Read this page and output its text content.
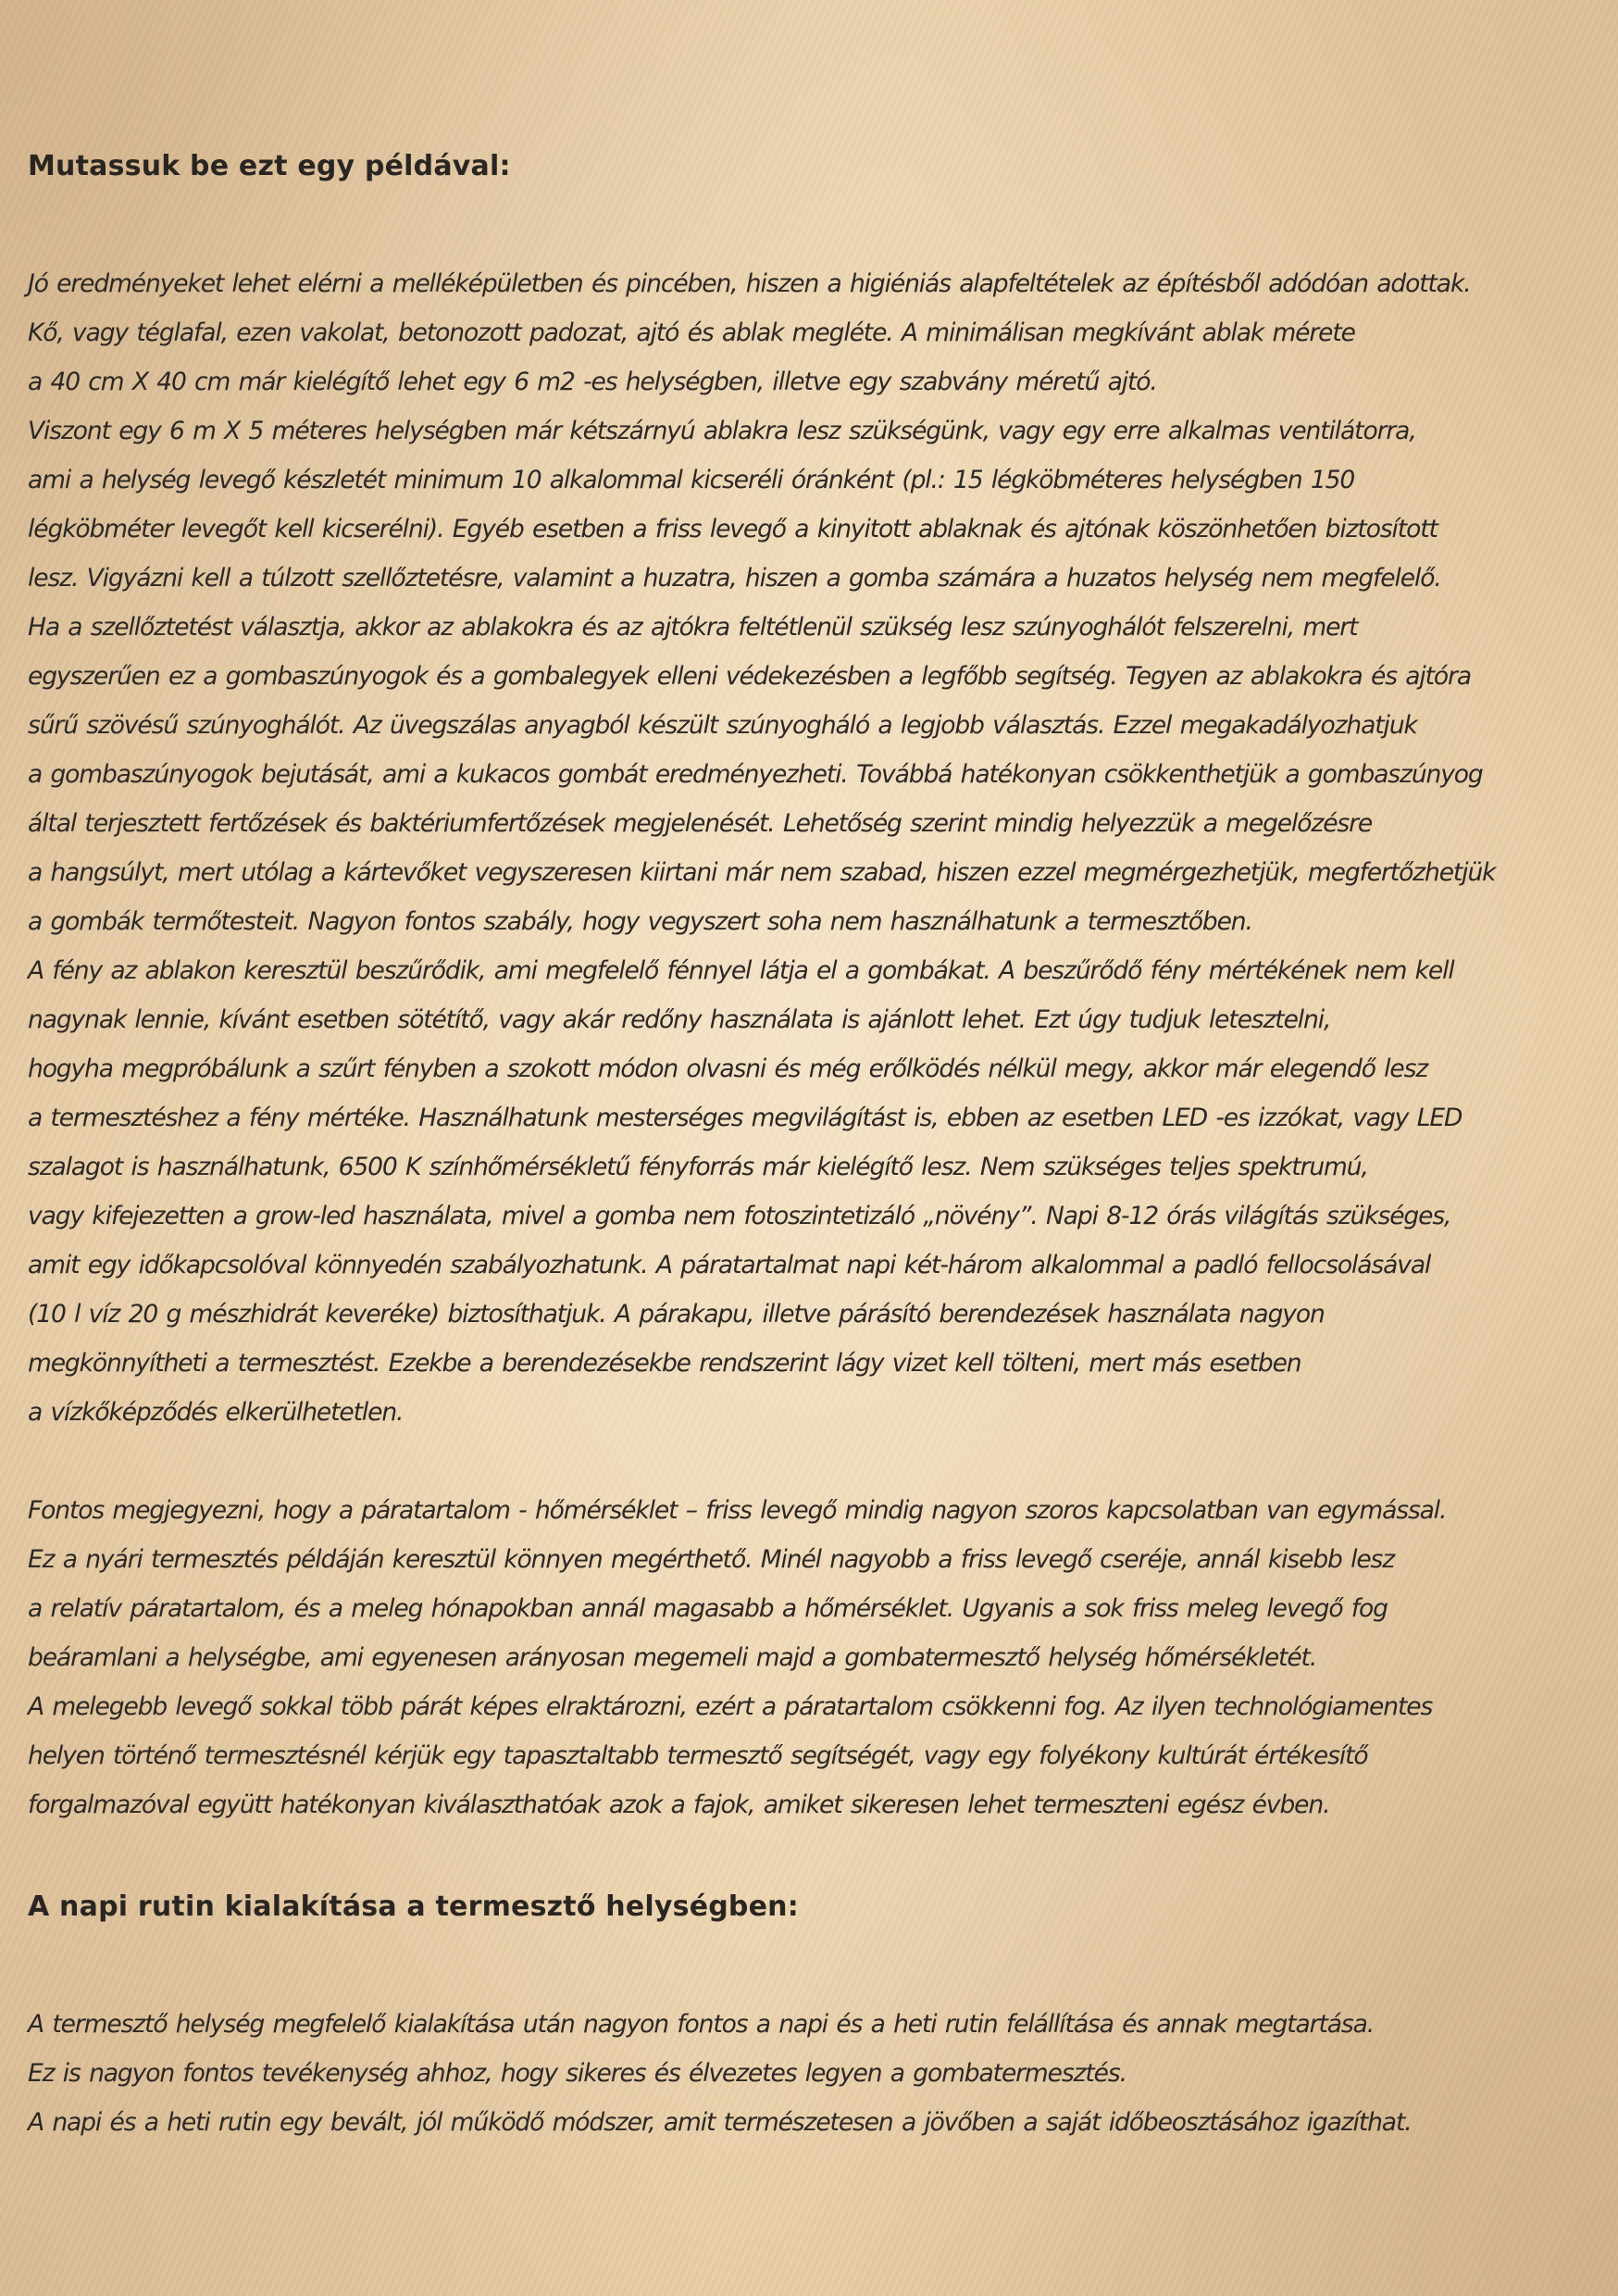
Mutassuk be ezt egy példával:

Jó eredményeket lehet elérni a melléképületben és pincében, hiszen a higiéniás alapfeltételek az építésből adódóan adottak.
Kő, vagy téglafal, ezen vakolat, betonozott padozat, ajtó és ablak megléte. A minimálisan megkívánt ablak mérete
a 40 cm X 40 cm már kielégítő lehet egy 6 m2 -es helységben, illetve egy szabvány méretű ajtó.
Viszont egy 6 m X 5 méteres helységben már kétszárnyú ablakra lesz szükségünk, vagy egy erre alkalmas ventilátorra,
ami a helység levegő készletét minimum 10 alkalommal kicseréli óránként (pl.: 15 légköbméteres helységben 150
légköbméter levegőt kell kicserélni). Egyéb esetben a friss levegő a kinyitott ablaknak és ajtónak köszönhetően biztosított
lesz. Vigyázni kell a túlzott szellőztetésre, valamint a huzatra, hiszen a gomba számára a huzatos helység nem megfelelő.
Ha a szellőztetést választja, akkor az ablakokra és az ajtókra feltétlenül szükség lesz szúnyoghálót felszerelni, mert
egyszerűen ez a gombaszúnyogok és a gombalegyek elleni védekezésben a legfőbb segítség. Tegyen az ablakokra és ajtóra
sűrű szövésű szúnyoghálót. Az üvegszálas anyagból készült szúnyogháló a legjobb választás. Ezzel megakadályozhatjuk
a gombaszúnyogok bejutását, ami a kukacos gombát eredményezheti. Továbbá hatékonyan csökkenthetjük a gombaszúnyog
által terjesztett fertőzések és baktériumfertőzések megjelenését. Lehetőség szerint mindig helyezzük a megelőzésre
a hangsúlyt, mert utólag a kártevőket vegyszeresen kiirtani már nem szabad, hiszen ezzel megmérgezhetjük, megfertőzhetjük
a gombák termőtesteit. Nagyon fontos szabály, hogy vegyszert soha nem használhatunk a termesztőben.
A fény az ablakon keresztül beszűrődik, ami megfelelő fénnyel látja el a gombákat. A beszűrődő fény mértékének nem kell
nagynak lennie, kívánt esetben sötétítő, vagy akár redőny használata is ajánlott lehet. Ezt úgy tudjuk letesztelni,
hogyha megpróbálunk a szűrt fényben a szokott módon olvasni és még erőlködés nélkül megy, akkor már elegendő lesz
a termesztéshez a fény mértéke. Használhatunk mesterséges megvilágítást is, ebben az esetben LED -es izzókat, vagy LED
szalagot is használhatunk, 6500 K színhőmérsékletű fényforrás már kielégítő lesz. Nem szükséges teljes spektrumú,
vagy kifejezetten a grow-led használata, mivel a gomba nem fotoszintetizáló „növény”. Napi 8-12 órás világítás szükséges,
amit egy időkapcsolóval könnyedén szabályozhatunk. A páratartalmat napi két-három alkalommal a padló fellocsolásával
(10 l víz 20 g mészhidrát keveréke) biztosíthatjuk. A párakapu, illetve párásító berendezések használata nagyon
megkönnyítheti a termesztést. Ezekbe a berendezésekbe rendszerint lágy vizet kell tölteni, mert más esetben
a vízkőképződés elkerülhetetlen.

Fontos megjegyezni, hogy a páratartalom - hőmérséklet – friss levegő mindig nagyon szoros kapcsolatban van egymással.
Ez a nyári termesztés példáján keresztül könnyen megérthető. Minél nagyobb a friss levegő cseréje, annál kisebb lesz
a relatív páratartalom, és a meleg hónapokban annál magasabb a hőmérséklet. Ugyanis a sok friss meleg levegő fog
beáramlani a helységbe, ami egyenesen arányosan megemeli majd a gombatermesztő helység hőmérsékletét.
A melegebb levegő sokkal több párát képes elraktározni, ezért a páratartalom csökkenni fog. Az ilyen technológiamentes
helyen történő termesztésnél kérjük egy tapasztaltabb termesztő segítségét, vagy egy folyékony kultúrát értékesítő
forgalmazóval együtt hatékonyan kiválaszthatóak azok a fajok, amiket sikeresen lehet termeszteni egész évben.

A napi rutin kialakítása a termesztő helységben:

A termesztő helység megfelelő kialakítása után nagyon fontos a napi és a heti rutin felállítása és annak megtartása.
Ez is nagyon fontos tevékenység ahhoz, hogy sikeres és élvezetes legyen a gombatermesztés.
A napi és a heti rutin egy bevált, jól működő módszer, amit természetesen a jövőben a saját időbeosztásához igazíthat.
